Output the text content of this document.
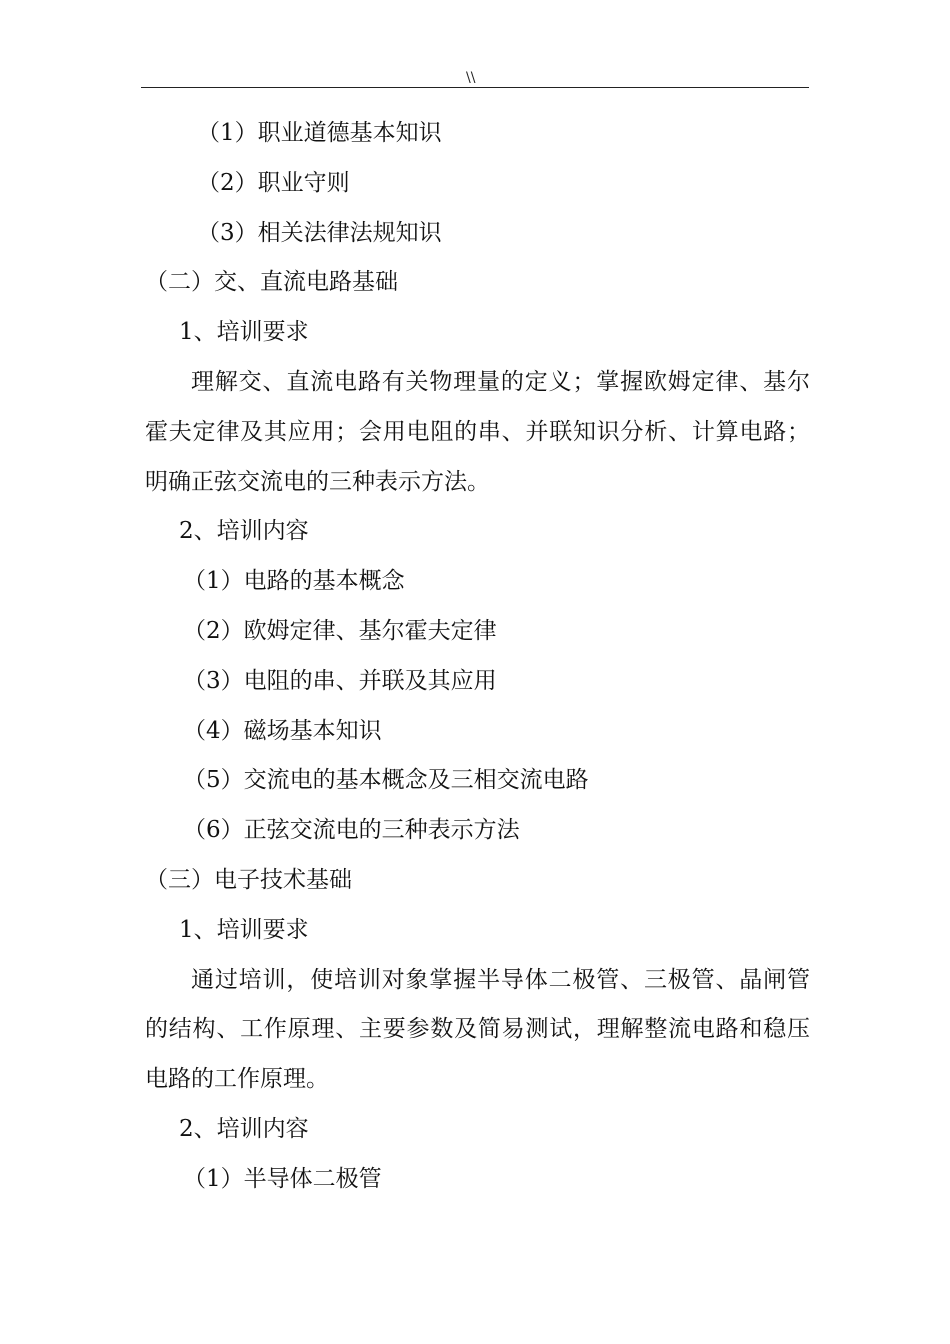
\\

（1）职业道德基本知识

（2）职业守则

（3）相关法律法规知识

（二）交、直流电路基础

1、培训要求

理解交、直流电路有关物理量的定义；掌握欧姆定律、基尔霍夫定律及其应用；会用电阻的串、并联知识分析、计算电路；明确正弦交流电的三种表示方法。

2、培训内容

（1）电路的基本概念

（2）欧姆定律、基尔霍夫定律

（3）电阻的串、并联及其应用

（4）磁场基本知识

（5）交流电的基本概念及三相交流电路

（6）正弦交流电的三种表示方法

（三）电子技术基础

1、培训要求

通过培训，使培训对象掌握半导体二极管、三极管、晶闸管的结构、工作原理、主要参数及简易测试，理解整流电路和稳压电路的工作原理。

2、培训内容

（1）半导体二极管
